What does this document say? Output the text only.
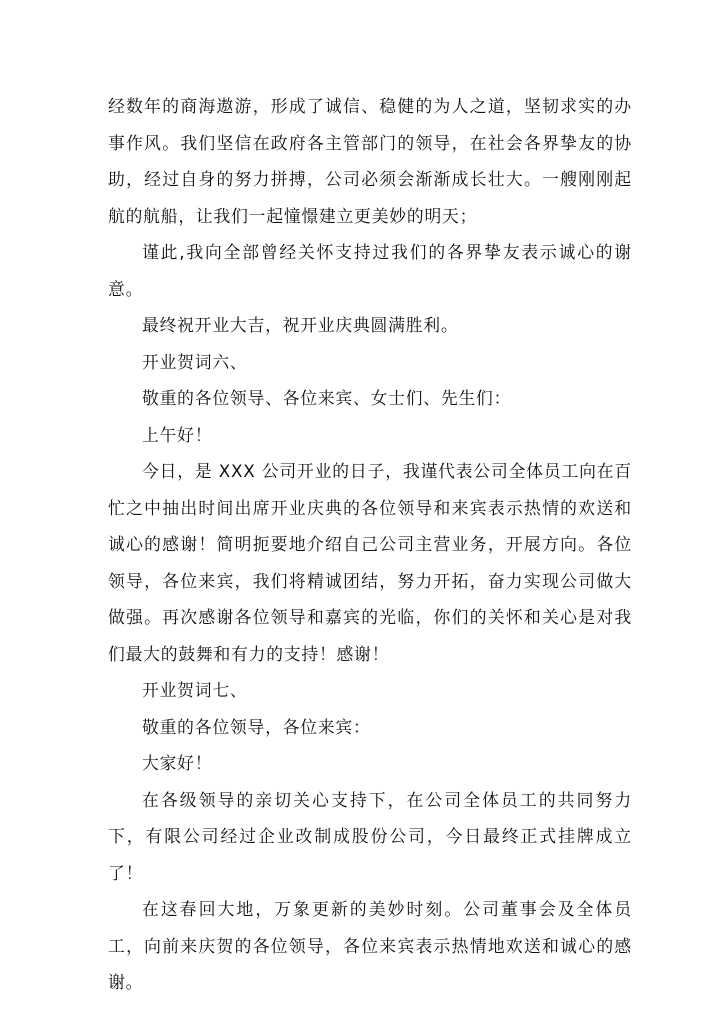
经数年的商海遨游，形成了诚信、稳健的为人之道，坚韧求实的办事作风。我们坚信在政府各主管部门的领导，在社会各界挚友的协助，经过自身的努力拼搏，公司必须会渐渐成长壮大。一艘刚刚起航的航船，让我们一起憧憬建立更美妙的明天；

谨此,我向全部曾经关怀支持过我们的各界挚友表示诚心的谢意。

最终祝开业大吉，祝开业庆典圆满胜利。

开业贺词六、

敬重的各位领导、各位来宾、女士们、先生们：

上午好！

今日，是 XXX 公司开业的日子，我谨代表公司全体员工向在百忙之中抽出时间出席开业庆典的各位领导和来宾表示热情的欢送和诚心的感谢！简明扼要地介绍自己公司主营业务，开展方向。各位领导，各位来宾，我们将精诚团结，努力开拓，奋力实现公司做大做强。再次感谢各位领导和嘉宾的光临，你们的关怀和关心是对我们最大的鼓舞和有力的支持！感谢！

开业贺词七、

敬重的各位领导，各位来宾：

大家好！

在各级领导的亲切关心支持下，在公司全体员工的共同努力下，有限公司经过企业改制成股份公司，今日最终正式挂牌成立了！

在这春回大地，万象更新的美妙时刻。公司董事会及全体员工，向前来庆贺的各位领导，各位来宾表示热情地欢送和诚心的感谢。
